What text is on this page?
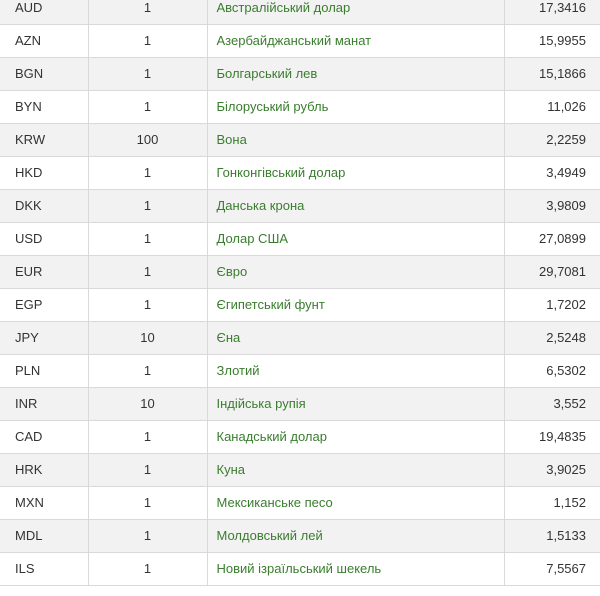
AUD	1	Австралійський долар	17,3416
AZN	1	Азербайджанський манат	15,9955
BGN	1	Болгарський лев	15,1866
BYN	1	Білоруський рубль	11,026
KRW	100	Вона	2,2259
HKD	1	Гонконгівський долар	3,4949
DKK	1	Данська крона	3,9809
USD	1	Долар США	27,0899
EUR	1	Євро	29,7081
EGP	1	Єгипетський фунт	1,7202
JPY	10	Єна	2,5248
PLN	1	Злотий	6,5302
INR	10	Індійська рупія	3,552
CAD	1	Канадський долар	19,4835
HRK	1	Куна	3,9025
MXN	1	Мексиканське песо	1,152
MDL	1	Молдовський лей	1,5133
ILS	1	Новий ізраїльський шекель	7,5567
